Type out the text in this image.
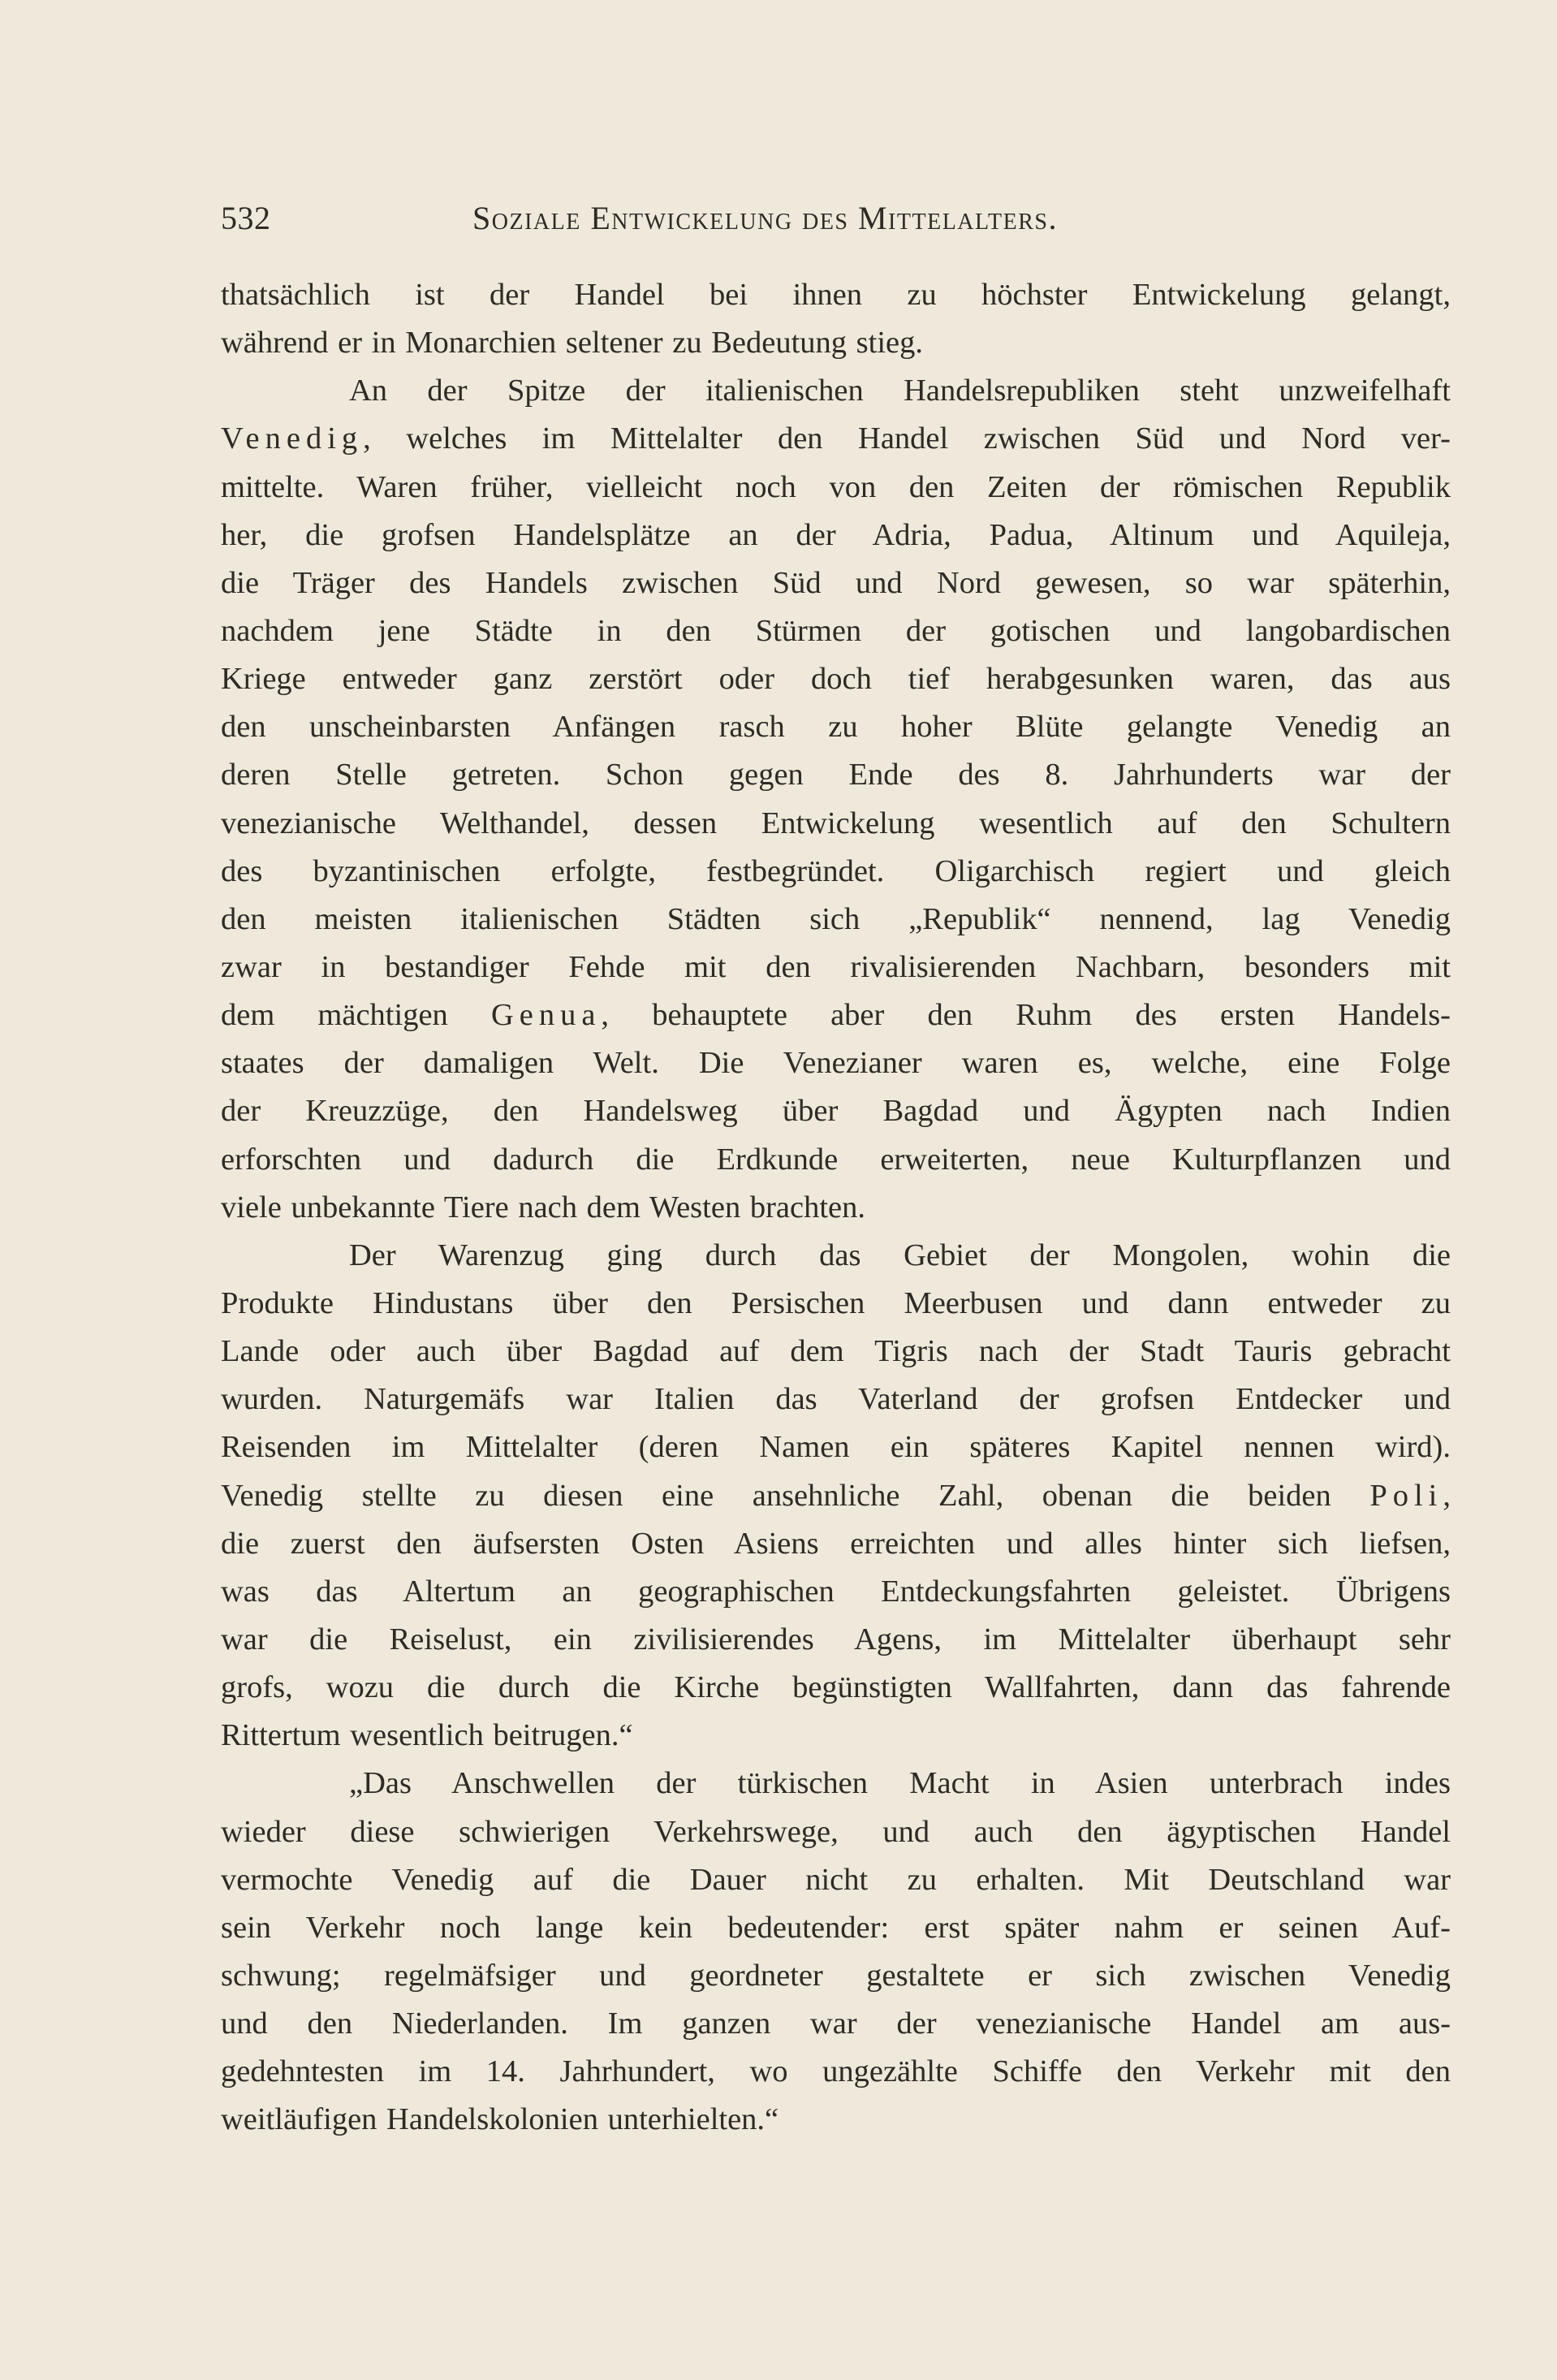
532	Soziale Entwickelung des Mittelalters.
thatsächlich ist der Handel bei ihnen zu höchster Entwickelung gelangt,
während er in Monarchien seltener zu Bedeutung stieg.
An der Spitze der italienischen Handelsrepubliken steht unzweifelhaft
Venedig, welches im Mittelalter den Handel zwischen Süd und Nord ver-
mittelte. Waren früher, vielleicht noch von den Zeiten der römischen Republik
her, die grofsen Handelsplätze an der Adria, Padua, Altinum und Aquileja,
die Träger des Handels zwischen Süd und Nord gewesen, so war späterhin,
nachdem jene Städte in den Stürmen der gotischen und langobardischen
Kriege entweder ganz zerstört oder doch tief herabgesunken waren, das aus
den unscheinbarsten Anfängen rasch zu hoher Blüte gelangte Venedig an
deren Stelle getreten. Schon gegen Ende des 8. Jahrhunderts war der
venezianische Welthandel, dessen Entwickelung wesentlich auf den Schultern
des byzantinischen erfolgte, festbegründet. Oligarchisch regiert und gleich
den meisten italienischen Städten sich „Republik“ nennend, lag Venedig
zwar in bestandiger Fehde mit den rivalisierenden Nachbarn, besonders mit
dem mächtigen Genua, behauptete aber den Ruhm des ersten Handels-
staates der damaligen Welt. Die Venezianer waren es, welche, eine Folge
der Kreuzzüge, den Handelsweg über Bagdad und Ägypten nach Indien
erforschten und dadurch die Erdkunde erweiterten, neue Kulturpflanzen und
viele unbekannte Tiere nach dem Westen brachten.
Der Warenzug ging durch das Gebiet der Mongolen, wohin die
Produkte Hindustans über den Persischen Meerbusen und dann entweder zu
Lande oder auch über Bagdad auf dem Tigris nach der Stadt Tauris gebracht
wurden. Naturgemäfs war Italien das Vaterland der grofsen Entdecker und
Reisenden im Mittelalter (deren Namen ein späteres Kapitel nennen wird).
Venedig stellte zu diesen eine ansehnliche Zahl, obenan die beiden Poli,
die zuerst den äufsersten Osten Asiens erreichten und alles hinter sich liefsen,
was das Altertum an geographischen Entdeckungsfahrten geleistet. Übrigens
war die Reiselust, ein zivilisierendes Agens, im Mittelalter überhaupt sehr
grofs, wozu die durch die Kirche begünstigten Wallfahrten, dann das fahrende
Rittertum wesentlich beitrugen.“
„Das Anschwellen der türkischen Macht in Asien unterbrach indes
wieder diese schwierigen Verkehrswege, und auch den ägyptischen Handel
vermochte Venedig auf die Dauer nicht zu erhalten. Mit Deutschland war
sein Verkehr noch lange kein bedeutender: erst später nahm er seinen Auf-
schwung; regelmäfsiger und geordneter gestaltete er sich zwischen Venedig
und den Niederlanden. Im ganzen war der venezianische Handel am aus-
gedehntesten im 14. Jahrhundert, wo ungezählte Schiffe den Verkehr mit den
weitläufigen Handelskolonien unterhielten.“
